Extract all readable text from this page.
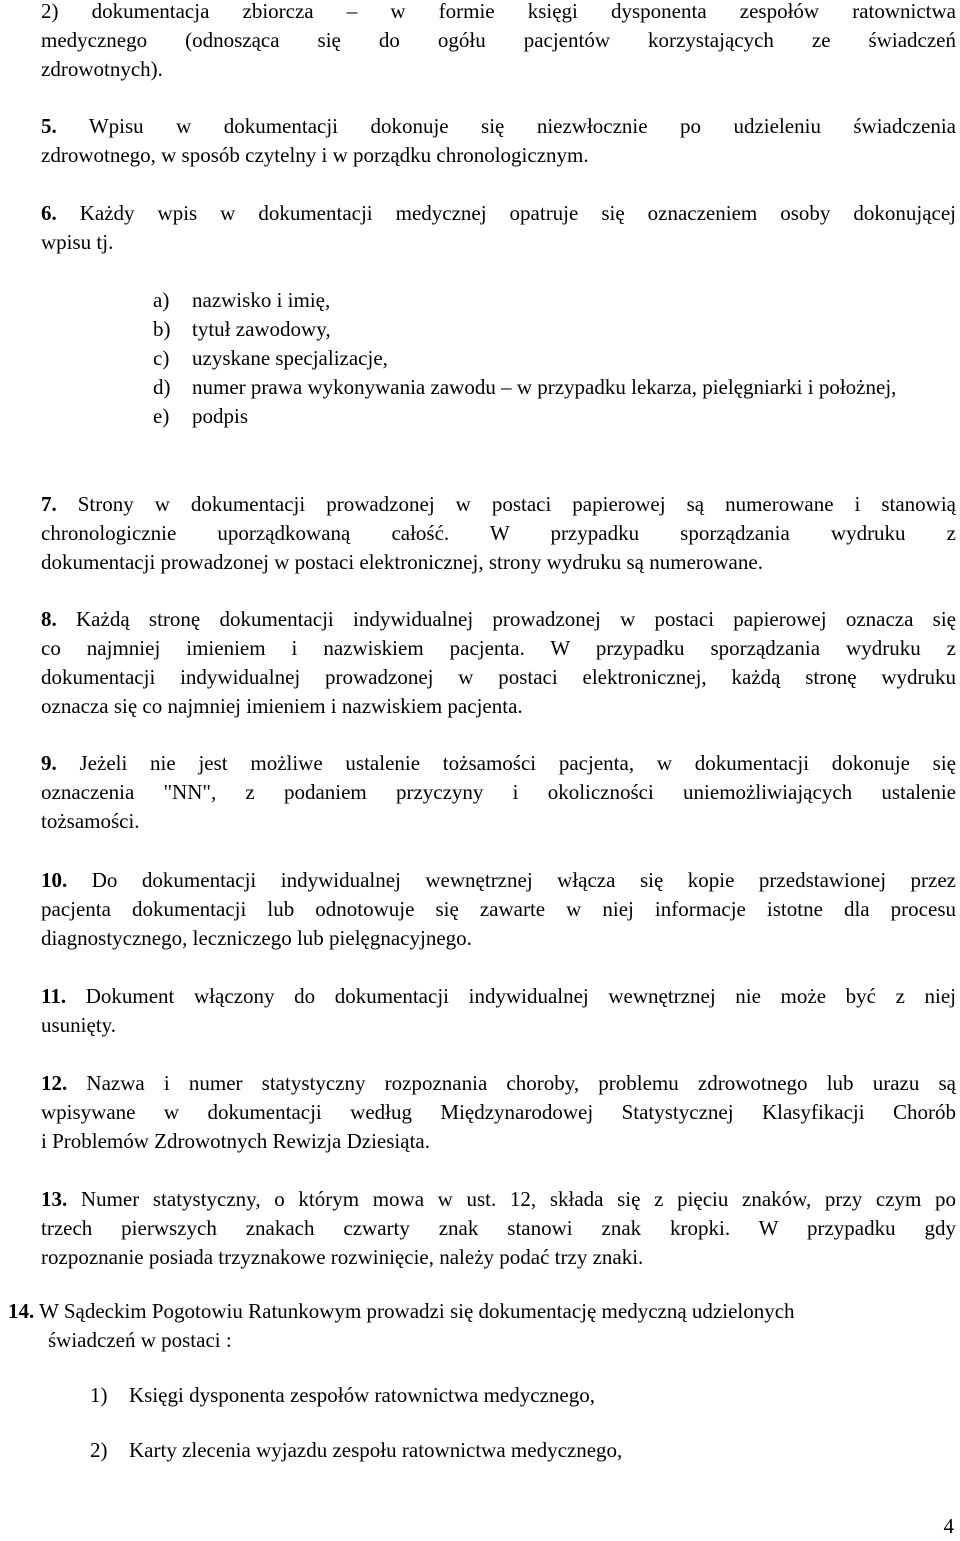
2) dokumentacja zbiorcza – w formie księgi dysponenta zespołów ratownictwa
medycznego (odnosząca się do ogółu pacjentów korzystających ze świadczeń
zdrowotnych).
5. Wpisu w dokumentacji dokonuje się niezwłocznie po udzieleniu świadczenia
zdrowotnego, w sposób czytelny i w porządku chronologicznym.
6. Każdy wpis w dokumentacji medycznej opatruje się oznaczeniem osoby dokonującej
wpisu tj.
a) nazwisko i imię,
b) tytuł zawodowy,
c) uzyskane specjalizacje,
d) numer prawa wykonywania zawodu – w przypadku lekarza, pielęgniarki i położnej,
e) podpis
7. Strony w dokumentacji prowadzonej w postaci papierowej są numerowane i stanowią
chronologicznie uporządkowaną całość. W przypadku sporządzania wydruku z
dokumentacji prowadzonej w postaci elektronicznej, strony wydruku są numerowane.
8. Każdą stronę dokumentacji indywidualnej prowadzonej w postaci papierowej oznacza się
co najmniej imieniem i nazwiskiem pacjenta. W przypadku sporządzania wydruku z
dokumentacji indywidualnej prowadzonej w postaci elektronicznej, każdą stronę wydruku
oznacza się co najmniej imieniem i nazwiskiem pacjenta.
9. Jeżeli nie jest możliwe ustalenie tożsamości pacjenta, w dokumentacji dokonuje się
oznaczenia "NN", z podaniem przyczyny i okoliczności uniemożliwiających ustalenie
tożsamości.
10. Do dokumentacji indywidualnej wewnętrznej włącza się kopie przedstawionej przez
pacjenta dokumentacji lub odnotowuje się zawarte w niej informacje istotne dla procesu
diagnostycznego, leczniczego lub pielęgnacyjnego.
11. Dokument włączony do dokumentacji indywidualnej wewnętrznej nie może być z niej
usunięty.
12. Nazwa i numer statystyczny rozpoznania choroby, problemu zdrowotnego lub urazu są
wpisywane w dokumentacji według Międzynarodowej Statystycznej Klasyfikacji Chorób
i Problemów Zdrowotnych Rewizja Dziesiąta.
13. Numer statystyczny, o którym mowa w ust. 12, składa się z pięciu znaków, przy czym po
trzech pierwszych znakach czwarty znak stanowi znak kropki. W przypadku gdy
rozpoznanie posiada trzyznakowe rozwinięcie, należy podać trzy znaki.
14. W Sądeckim Pogotowiu Ratunkowym prowadzi się dokumentację medyczną udzielonych
świadczeń w postaci :
1) Księgi dysponenta zespołów ratownictwa medycznego,
2) Karty zlecenia wyjazdu zespołu ratownictwa medycznego,
4
